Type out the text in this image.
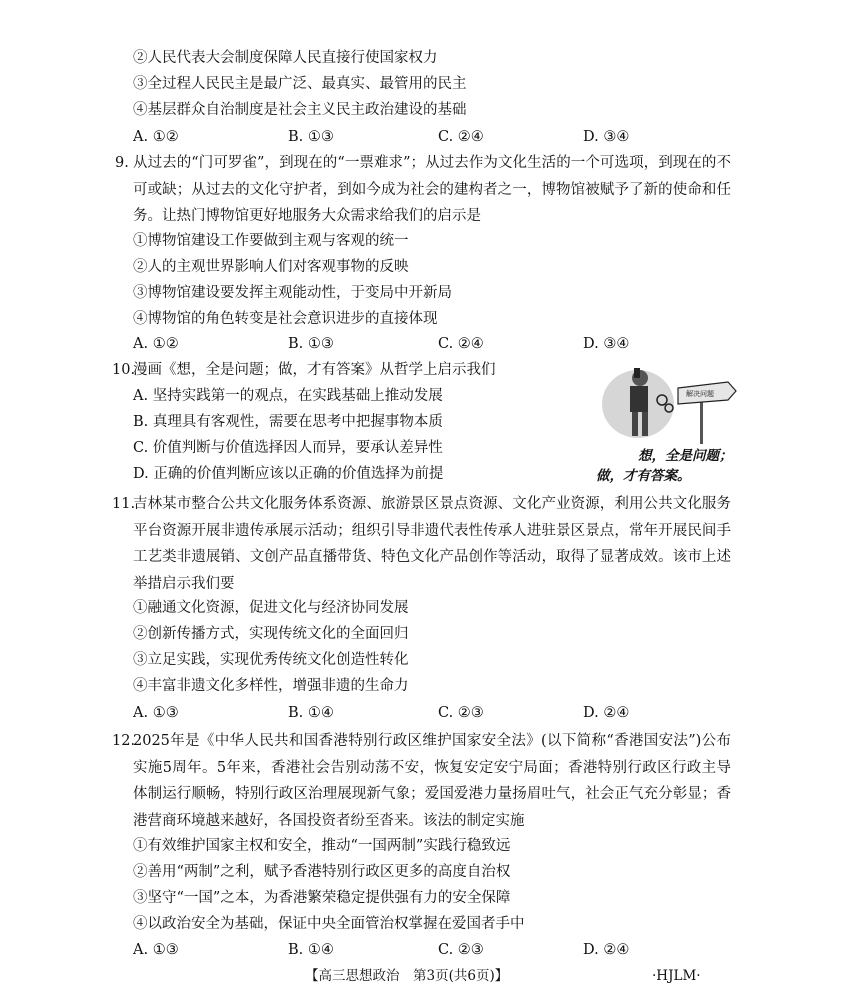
②人民代表大会制度保障人民直接行使国家权力
③全过程人民民主是最广泛、最真实、最管用的民主
④基层群众自治制度是社会主义民主政治建设的基础
A. ①②	B. ①③	C. ②④	D. ③④
9. 从过去的“门可罗雀”，到现在的“一票难求”；从过去作为文化生活的一个可选项，到现在的不可或缺；从过去的文化守护者，到如今成为社会的建构者之一，博物馆被赋予了新的使命和任务。让热门博物馆更好地服务大众需求给我们的启示是
①博物馆建设工作要做到主观与客观的统一
②人的主观世界影响人们对客观事物的反映
③博物馆建设要发挥主观能动性，于变局中开新局
④博物馆的角色转变是社会意识进步的直接体现
A. ①②	B. ①③	C. ②④	D. ③④
10.
漫画《想，全是问题；做，才有答案》从哲学上启示我们
A. 坚持实践第一的观点，在实践基础上推动发展
B. 真理具有客观性，需要在思考中把握事物本质
C. 价值判断与价值选择因人而异，要承认差异性
D. 正确的价值判断应该以正确的价值选择为前提
解决问题
想，全是问题；
做，才有答案。
11.
吉林某市整合公共文化服务体系资源、旅游景区景点资源、文化产业资源，利用公共文化服务平台资源开展非遗传承展示活动；组织引导非遗代表性传承人进驻景区景点，常年开展民间手工艺类非遗展销、文创产品直播带货、特色文化产品创作等活动，取得了显著成效。该市上述举措启示我们要
①融通文化资源，促进文化与经济协同发展
②创新传播方式，实现传统文化的全面回归
③立足实践，实现优秀传统文化创造性转化
④丰富非遗文化多样性，增强非遗的生命力
A. ①③	B. ①④	C. ②③	D. ②④
12.
2025年是《中华人民共和国香港特别行政区维护国家安全法》(以下简称“香港国安法”)公布实施5周年。5年来，香港社会告别动荡不安，恢复安定安宁局面；香港特别行政区行政主导体制运行顺畅，特别行政区治理展现新气象；爱国爱港力量扬眉吐气，社会正气充分彰显；香港营商环境越来越好，各国投资者纷至沓来。该法的制定实施
①有效维护国家主权和安全，推动“一国两制”实践行稳致远
②善用“两制”之利，赋予香港特别行政区更多的高度自治权
③坚守“一国”之本，为香港繁荣稳定提供强有力的安全保障
④以政治安全为基础，保证中央全面管治权掌握在爱国者手中
A. ①③	B. ①④	C. ②③	D. ②④
【高三思想政治　第3页(共6页)】	·HJLM·
